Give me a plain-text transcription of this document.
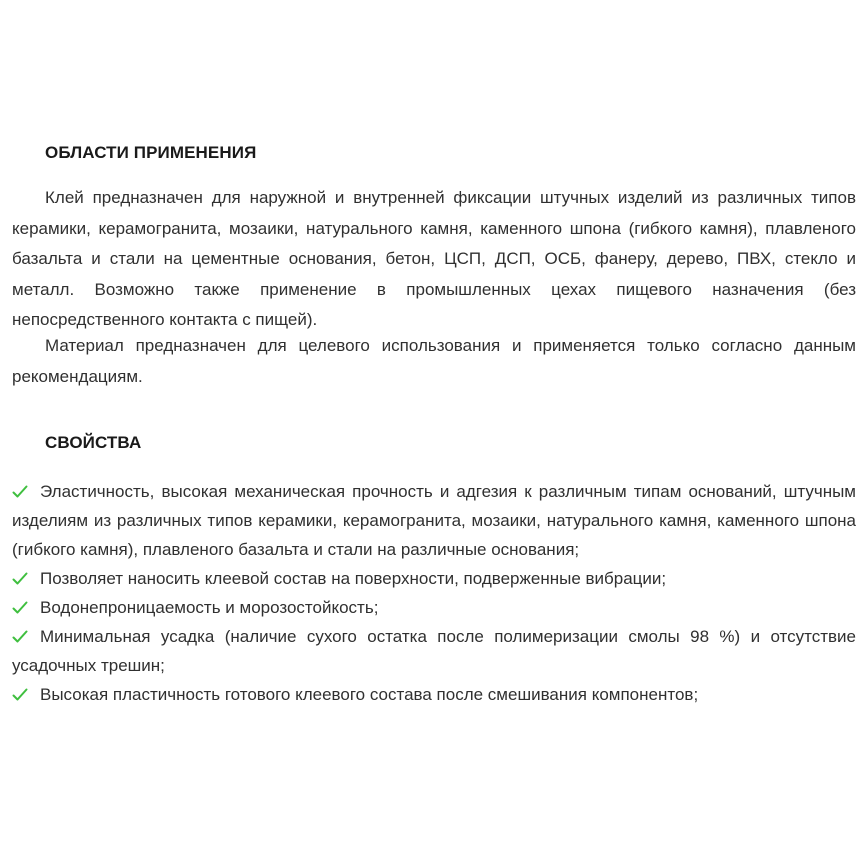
ОБЛАСТИ ПРИМЕНЕНИЯ

Клей предназначен для наружной и внутренней фиксации штучных изделий из различных типов керамики, керамогранита, мозаики, натурального камня, каменного шпона (гибкого камня), плавленого базальта и стали на цементные основания, бетон, ЦСП, ДСП, ОСБ, фанеру, дерево, ПВХ, стекло и металл. Возможно также применение в промышленных цехах пищевого назначения (без непосредственного контакта с пищей).

Материал предназначен для целевого использования и применяется только согласно данным рекомендациям.

СВОЙСТВА
Эластичность, высокая механическая прочность и адгезия к различным типам оснований, штучным изделиям из различных типов керамики, керамогранита, мозаики, натурального камня, каменного шпона (гибкого камня), плавленого базальта и стали на различные основания;
Позволяет наносить клеевой состав на поверхности, подверженные вибрации;
Водонепроницаемость и морозостойкость;
Минимальная усадка (наличие сухого остатка после полимеризации смолы 98 %) и отсутствие усадочных трешин;
Высокая пластичность готового клеевого состава после смешивания компонентов;
